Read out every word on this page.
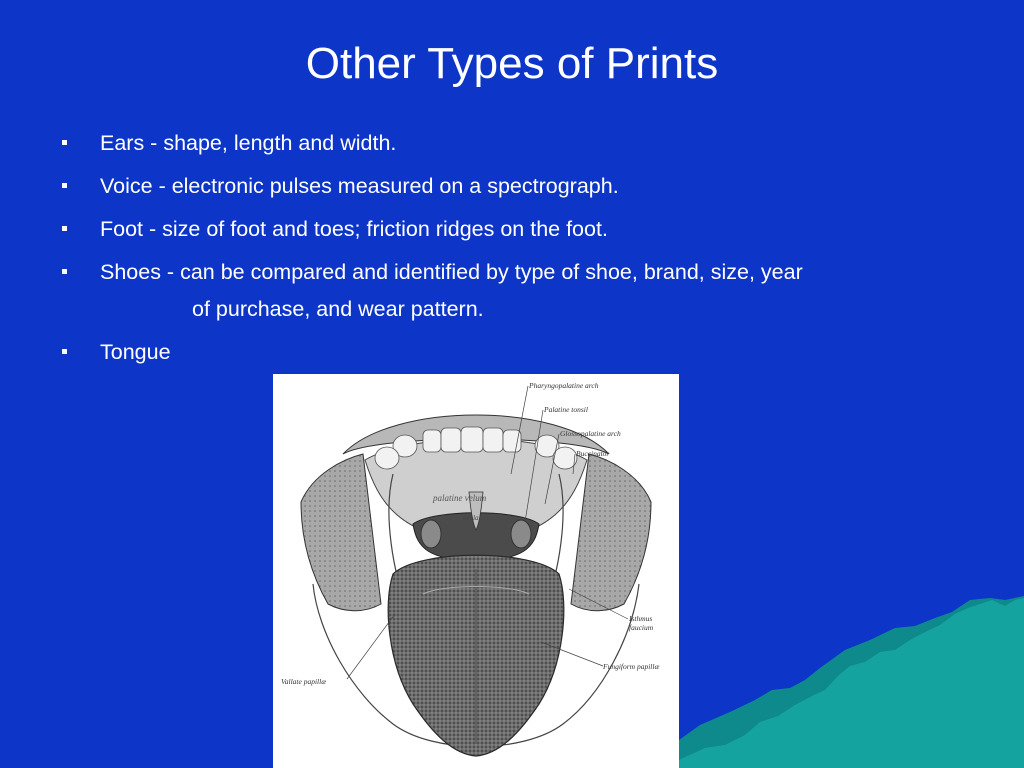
Other Types of Prints
Ears - shape, length and width.
Voice - electronic pulses measured on a spectrograph.
Foot - size of foot and toes; friction ridges on the foot.
Shoes - can be compared and identified by type of shoe, brand, size, year
of purchase, and wear pattern.
Tongue
Pharyngopalatine arch
Palatine tonsil
Glossopalatine arch
Buccinator
Isthmus
faucium
Fungiform papillæ
Vallate papillæ
palatine velum
uvula
